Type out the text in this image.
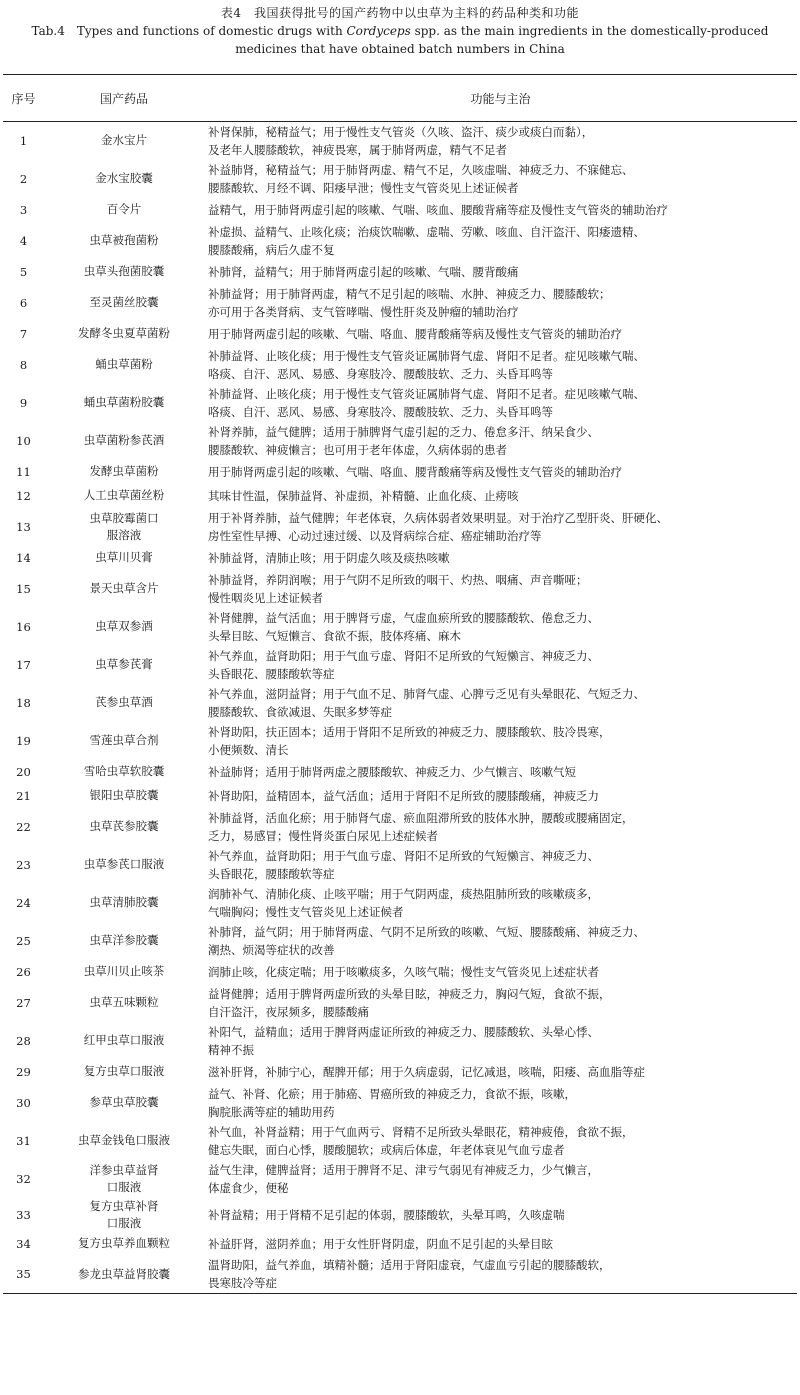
表4　我国获得批号的国产药物中以虫草为主料的药品种类和功能
Tab.4　Types and functions of domestic drugs with Cordyceps spp. as the main ingredients in the domestically-produced medicines that have obtained batch numbers in China
序号	国产药品	功能与主治
1	金水宝片	补肾保肺，秘精益气；用于慢性支气管炎（久咳、盗汗、痰少或痰白而黏），
及老年人腰膝酸软，神疲畏寒，属于肺肾两虚，精气不足者

2	金水宝胶囊	补益肺肾，秘精益气；用于肺肾两虚、精气不足，久咳虚喘、神疲乏力、不寐健忘、
腰膝酸软、月经不调、阳痿早泄；慢性支气管炎见上述证候者

3	百令片	益精气，用于肺肾两虚引起的咳嗽、气喘、咳血、腰酸背痛等症及慢性支气管炎的辅助治疗

4	虫草被孢菌粉	补虚损、益精气、止咳化痰；治痰饮喘嗽、虚喘、劳嗽、咳血、自汗盗汗、阳痿遗精、
腰膝酸痛，病后久虚不复

5	虫草头孢菌胶囊	补肺肾，益精气；用于肺肾两虚引起的咳嗽、气喘、腰背酸痛

6	至灵菌丝胶囊	补肺益肾；用于肺肾两虚，精气不足引起的咳喘、水肿、神疲乏力、腰膝酸软；
亦可用于各类肾病、支气管哮喘、慢性肝炎及肿瘤的辅助治疗

7	发酵冬虫夏草菌粉	用于肺肾两虚引起的咳嗽、气喘、咯血、腰背酸痛等病及慢性支气管炎的辅助治疗

8	蛹虫草菌粉	补肺益肾、止咳化痰；用于慢性支气管炎证属肺肾气虚、肾阳不足者。症见咳嗽气喘、
咯痰、自汗、恶风、易感、身寒肢冷、腰酸肢软、乏力、头昏耳鸣等

9	蛹虫草菌粉胶囊	补肺益肾、止咳化痰；用于慢性支气管炎证属肺肾气虚、肾阳不足者。症见咳嗽气喘、
咯痰、自汗、恶风、易感、身寒肢冷、腰酸肢软、乏力、头昏耳鸣等

10	虫草菌粉参芪酒	补肾养肺，益气健脾；适用于肺脾肾气虚引起的乏力、倦怠多汗、纳呆食少、
腰膝酸软、神疲懒言；也可用于老年体虚，久病体弱的患者

11	发酵虫草菌粉	用于肺肾两虚引起的咳嗽、气喘、咯血、腰背酸痛等病及慢性支气管炎的辅助治疗

12	人工虫草菌丝粉	其味甘性温，保肺益肾、补虚损，补精髓、止血化痰、止痨咳

13	虫草胶霉菌口服溶液	用于补肾养肺，益气健脾；年老体衰，久病体弱者效果明显。对于治疗乙型肝炎、肝硬化、
房性室性早搏、心动过速过缓、以及肾病综合症、癌症辅助治疗等

14	虫草川贝膏	补肺益肾，清肺止咳；用于阴虚久咳及痰热咳嗽

15	景天虫草含片	补肺益肾，养阴润喉；用于气阴不足所致的咽干、灼热、咽痛、声音嘶哑；
慢性咽炎见上述证候者

16	虫草双参酒	补肾健脾，益气活血；用于脾肾亏虚，气虚血瘀所致的腰膝酸软、倦怠乏力、
头晕目眩、气短懒言、食欲不振，肢体疼痛、麻木

17	虫草参芪膏	补气养血，益肾助阳；用于气血亏虚、肾阳不足所致的气短懒言、神疲乏力、
头昏眼花、腰膝酸软等症

18	芪参虫草酒	补气养血，滋阴益肾；用于气血不足、肺肾气虚、心脾亏乏见有头晕眼花、气短乏力、
腰膝酸软、食欲减退、失眠多梦等症

19	雪莲虫草合剂	补肾助阳，扶正固本；适用于肾阳不足所致的神疲乏力、腰膝酸软、肢冷畏寒，
小便频数、清长

20	雪哈虫草软胶囊	补益肺肾；适用于肺肾两虚之腰膝酸软、神疲乏力、少气懒言、咳嗽气短

21	银阳虫草胶囊	补肾助阳，益精固本，益气活血；适用于肾阳不足所致的腰膝酸痛，神疲乏力

22	虫草芪参胶囊	补肺益肾，活血化瘀；用于肺肾气虚、瘀血阻滞所致的肢体水肿，腰酸或腰痛固定，
乏力，易感冒；慢性肾炎蛋白尿见上述症候者

23	虫草参芪口服液	补气养血，益肾助阳；用于气血亏虚、肾阳不足所致的气短懒言、神疲乏力、
头昏眼花，腰膝酸软等症

24	虫草清肺胶囊	润肺补气、清肺化痰、止咳平喘；用于气阴两虚，痰热阻肺所致的咳嗽痰多，
气喘胸闷；慢性支气管炎见上述证候者

25	虫草洋参胶囊	补肺肾，益气阴；用于肺肾两虚、气阴不足所致的咳嗽、气短、腰膝酸痛、神疲乏力、
潮热、烦渴等症状的改善

26	虫草川贝止咳茶	润肺止咳，化痰定喘；用于咳嗽痰多，久咳气喘；慢性支气管炎见上述症状者

27	虫草五味颗粒	益肾健脾；适用于脾肾两虚所致的头晕目眩，神疲乏力，胸闷气短，食欲不振，
自汗盗汗，夜尿频多，腰膝酸痛

28	红甲虫草口服液	补阳气，益精血；适用于脾肾两虚证所致的神疲乏力、腰膝酸软、头晕心悸、
精神不振

29	复方虫草口服液	滋补肝肾，补肺宁心，醒脾开郁；用于久病虚弱，记忆减退，咳喘，阳痿、高血脂等症

30	参草虫草胶囊	益气、补肾、化瘀；用于肺癌、胃癌所致的神疲乏力，食欲不振，咳嗽，
胸脘胀满等症的辅助用药

31	虫草金钱龟口服液	补气血，补肾益精；用于气血两亏、肾精不足所致头晕眼花，精神疲倦，食欲不振，
健忘失眠，面白心悸，腰酸腿软；或病后体虚，年老体衰见气血亏虚者

32	洋参虫草益肾口服液	益气生津，健脾益肾；适用于脾肾不足、津亏气弱见有神疲乏力，少气懒言，
体虚食少，便秘

33	复方虫草补肾口服液	补肾益精；用于肾精不足引起的体弱，腰膝酸软，头晕耳鸣，久咳虚喘

34	复方虫草养血颗粒	补益肝肾，滋阴养血；用于女性肝肾阴虚，阴血不足引起的头晕目眩

35	参龙虫草益肾胶囊	温肾助阳，益气养血，填精补髓；适用于肾阳虚衰，气虚血亏引起的腰膝酸软，
畏寒肢冷等症
